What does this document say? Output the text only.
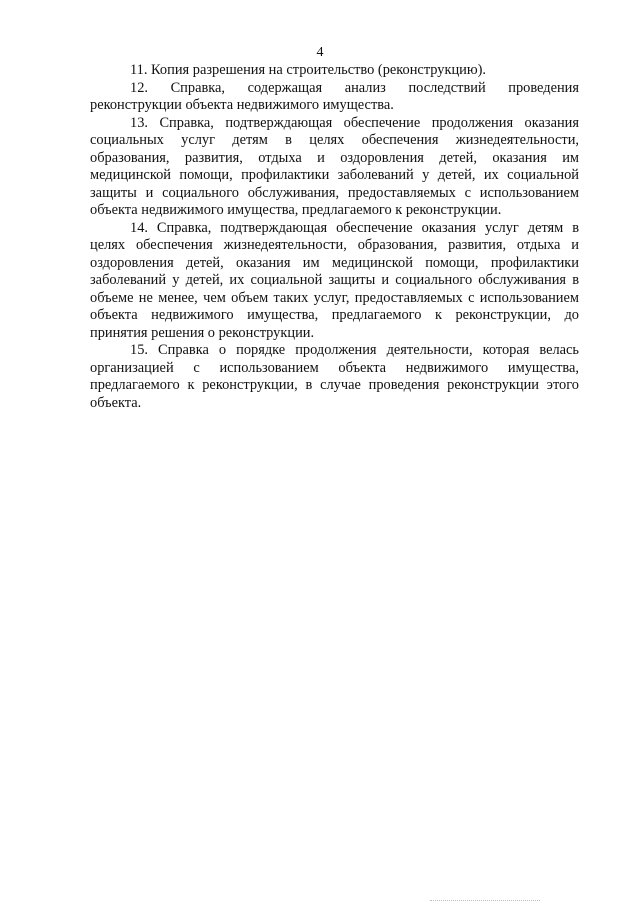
4

11. Копия разрешения на строительство (реконструкцию).

12. Справка, содержащая анализ последствий проведения реконструкции объекта недвижимого имущества.

13. Справка, подтверждающая обеспечение продолжения оказания социальных услуг детям в целях обеспечения жизнедеятельности, образования, развития, отдыха и оздоровления детей, оказания им медицинской помощи, профилактики заболеваний у детей, их социальной защиты и социального обслуживания, предоставляемых с использованием объекта недвижимого имущества, предлагаемого к реконструкции.

14. Справка, подтверждающая обеспечение оказания услуг детям в целях обеспечения жизнедеятельности, образования, развития, отдыха и оздоровления детей, оказания им медицинской помощи, профилактики заболеваний у детей, их социальной защиты и социального обслуживания в объеме не менее, чем объем таких услуг, предоставляемых с использованием объекта недвижимого имущества, предлагаемого к реконструкции, до принятия решения о реконструкции.

15. Справка о порядке продолжения деятельности, которая велась организацией с использованием объекта недвижимого имущества, предлагаемого к реконструкции, в случае проведения реконструкции этого объекта.
